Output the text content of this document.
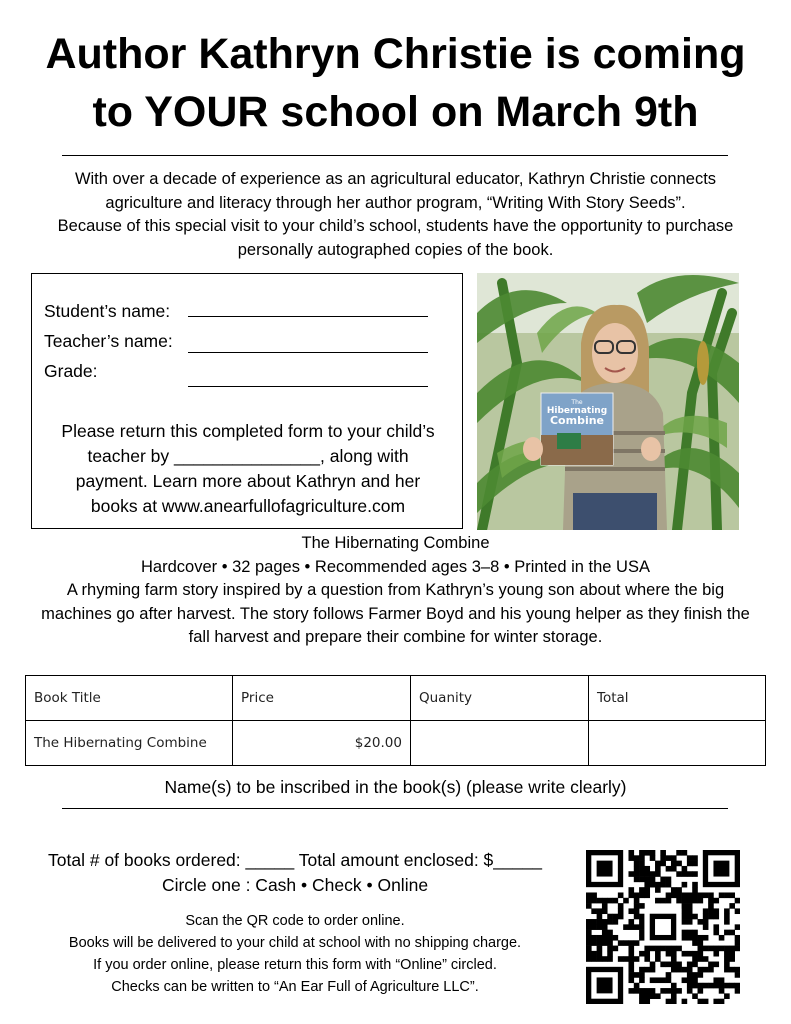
Author Kathryn Christie is coming
to YOUR school on March 9th
With over a decade of experience as an agricultural educator, Kathryn Christie connects
agriculture and literacy through her author program, “Writing With Story Seeds”.
Because of this special visit to your child’s school, students have the opportunity to purchase
personally autographed copies of the book.
Student’s name:
Teacher’s name:
Grade:
Please return this completed form to your child’s
teacher by _______________, along with
payment. Learn more about Kathryn and her
books at www.anearfullofagriculture.com
The
Hibernating
Combine
The Hibernating Combine
Hardcover • 32 pages • Recommended ages 3–8 • Printed in the USA
A rhyming farm story inspired by a question from Kathryn’s young son about where the big
machines go after harvest. The story follows Farmer Boyd and his young helper as they finish the
fall harvest and prepare their combine for winter storage.
Book Title	Price	Quanity	Total
The Hibernating Combine	$20.00		
Name(s) to be inscribed in the book(s) (please write clearly)
Total # of books ordered: _____ Total amount enclosed: $_____
Circle one : Cash • Check • Online
Scan the QR code to order online.
Books will be delivered to your child at school with no shipping charge.
If you order online, please return this form with “Online” circled.
Checks can be written to “An Ear Full of Agriculture LLC”.
